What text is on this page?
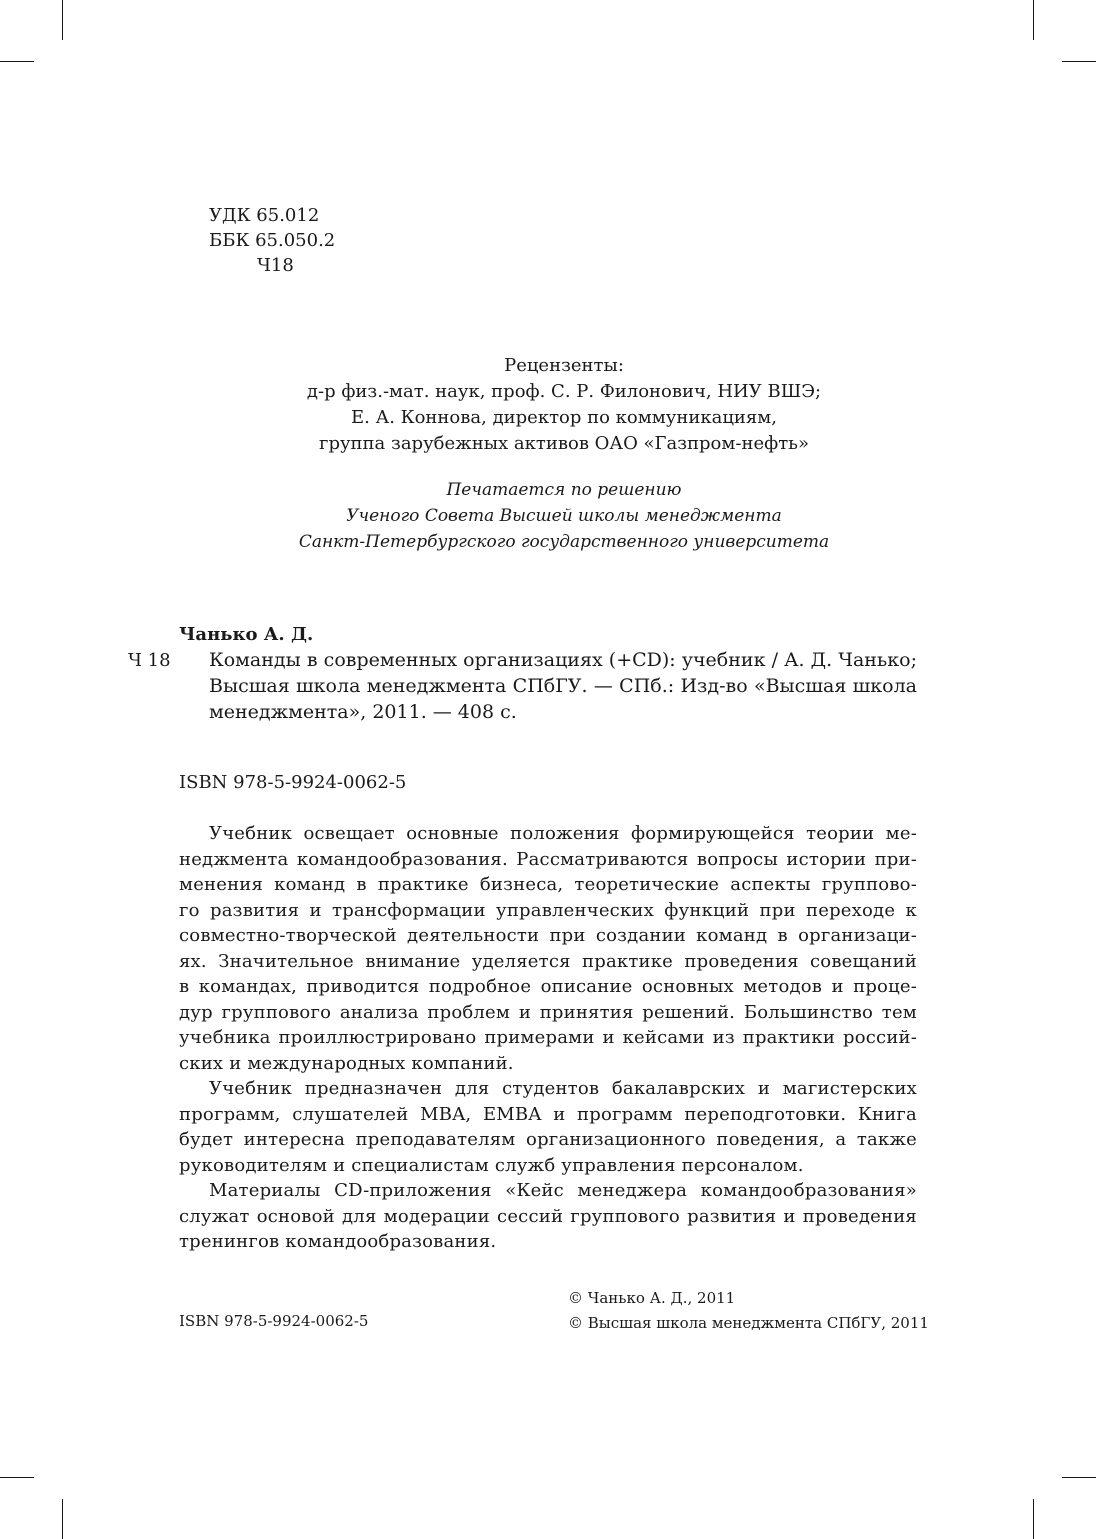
УДК 65.012
ББК 65.050.2
Ч18
Рецензенты:
д-р физ.-мат. наук, проф. С. Р. Филонович, НИУ ВШЭ;
Е. А. Коннова, директор по коммуникациям,
группа зарубежных активов ОАО «Газпром-нефть»
Печатается по решению
Ученого Совета Высшей школы менеджмента
Санкт-Петербургского государственного университета
Чанько А. Д.
Ч 18 Команды в современных организациях (+CD): учебник / А. Д. Чанько;
Высшая школа менеджмента СПбГУ. — СПб.: Изд-во «Высшая школа
менеджмента», 2011. — 408 с.
ISBN 978-5-9924-0062-5
Учебник освещает основные положения формирующейся теории ме-
неджмента командообразования. Рассматриваются вопросы истории при-
менения команд в практике бизнеса, теоретические аспекты группово-
го развития и трансформации управленческих функций при переходе к
совместно-творческой деятельности при создании команд в организаци-
ях. Значительное внимание уделяется практике проведения совещаний
в командах, приводится подробное описание основных методов и проце-
дур группового анализа проблем и принятия решений. Большинство тем
учебника проиллюстрировано примерами и кейсами из практики россий-
ских и международных компаний.
Учебник предназначен для студентов бакалаврских и магистерских
программ, слушателей MBA, EMBA и программ переподготовки. Книга
будет интересна преподавателям организационного поведения, а также
руководителям и специалистам служб управления персоналом.
Материалы CD-приложения «Кейс менеджера командообразования»
служат основой для модерации сессий группового развития и проведения
тренингов командообразования.
ISBN 978-5-9924-0062-5
© Чанько А. Д., 2011
© Высшая школа менеджмента СПбГУ, 2011
